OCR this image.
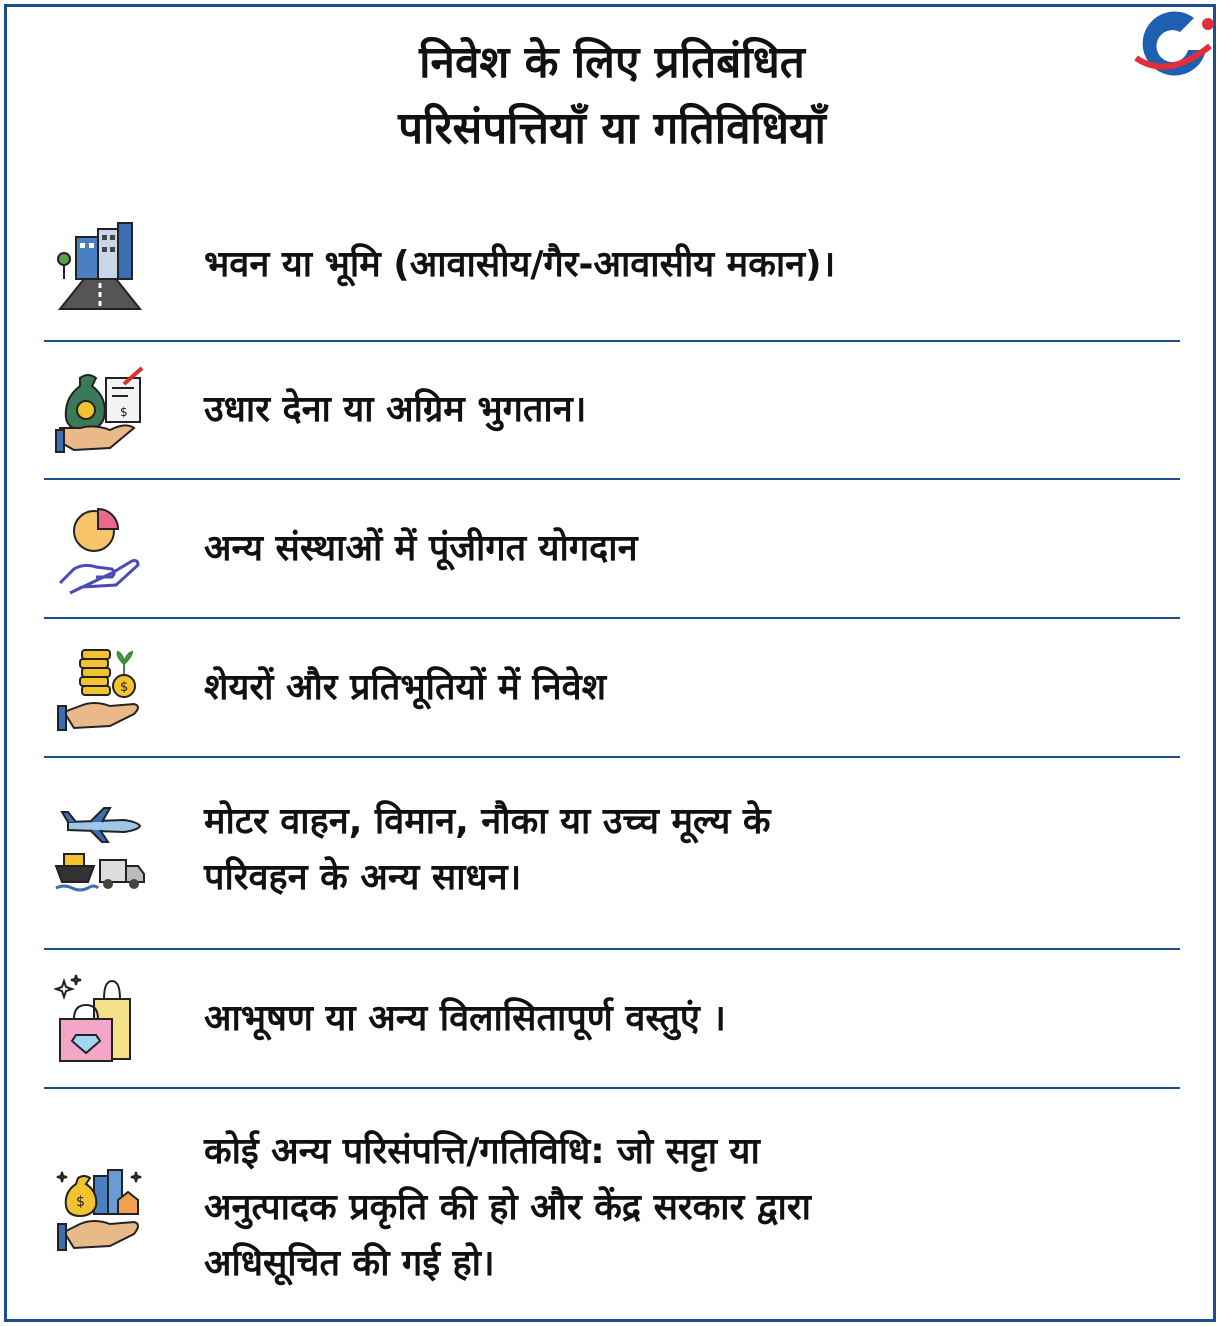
निवेश के लिए प्रतिबंधित
परिसंपत्तियाँ या गतिविधियाँ
भवन या भूमि (आवासीय/गैर-आवासीय मकान)।
$ उधार देना या अग्रिम भुगतान।
अन्य संस्थाओं में पूंजीगत योगदान
$ शेयरों और प्रतिभूतियों में निवेश
मोटर वाहन, विमान, नौका या उच्च मूल्य के
परिवहन के अन्य साधन।
आभूषण या अन्य विलासितापूर्ण वस्तुएं ।
$
कोई अन्य परिसंपत्ति/गतिविधि: जो सट्टा या
अनुत्पादक प्रकृति की हो और केंद्र सरकार द्वारा
अधिसूचित की गई हो।
